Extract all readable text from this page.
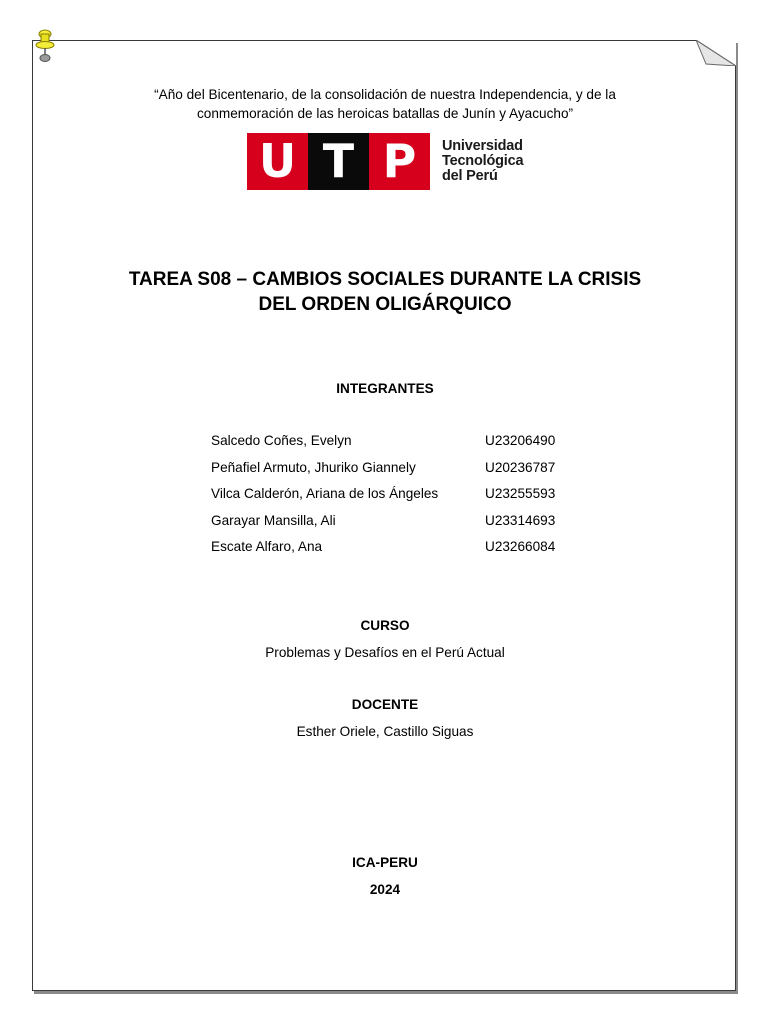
“Año del Bicentenario, de la consolidación de nuestra Independencia, y de la
conmemoración de las heroicas batallas de Junín y Ayacucho”
U T P	Universidad
Tecnológica
del Perú
TAREA S08 – CAMBIOS SOCIALES DURANTE LA CRISIS
DEL ORDEN OLIGÁRQUICO
INTEGRANTES
Salcedo Coñes, Evelyn	U23206490
Peñafiel Armuto, Jhuriko Giannely	U20236787
Vilca Calderón, Ariana de los Ángeles	U23255593
Garayar Mansilla, Ali	U23314693
Escate Alfaro, Ana	U23266084
CURSO
Problemas y Desafíos en el Perú Actual
DOCENTE
Esther Oriele, Castillo Siguas
ICA-PERU
2024
